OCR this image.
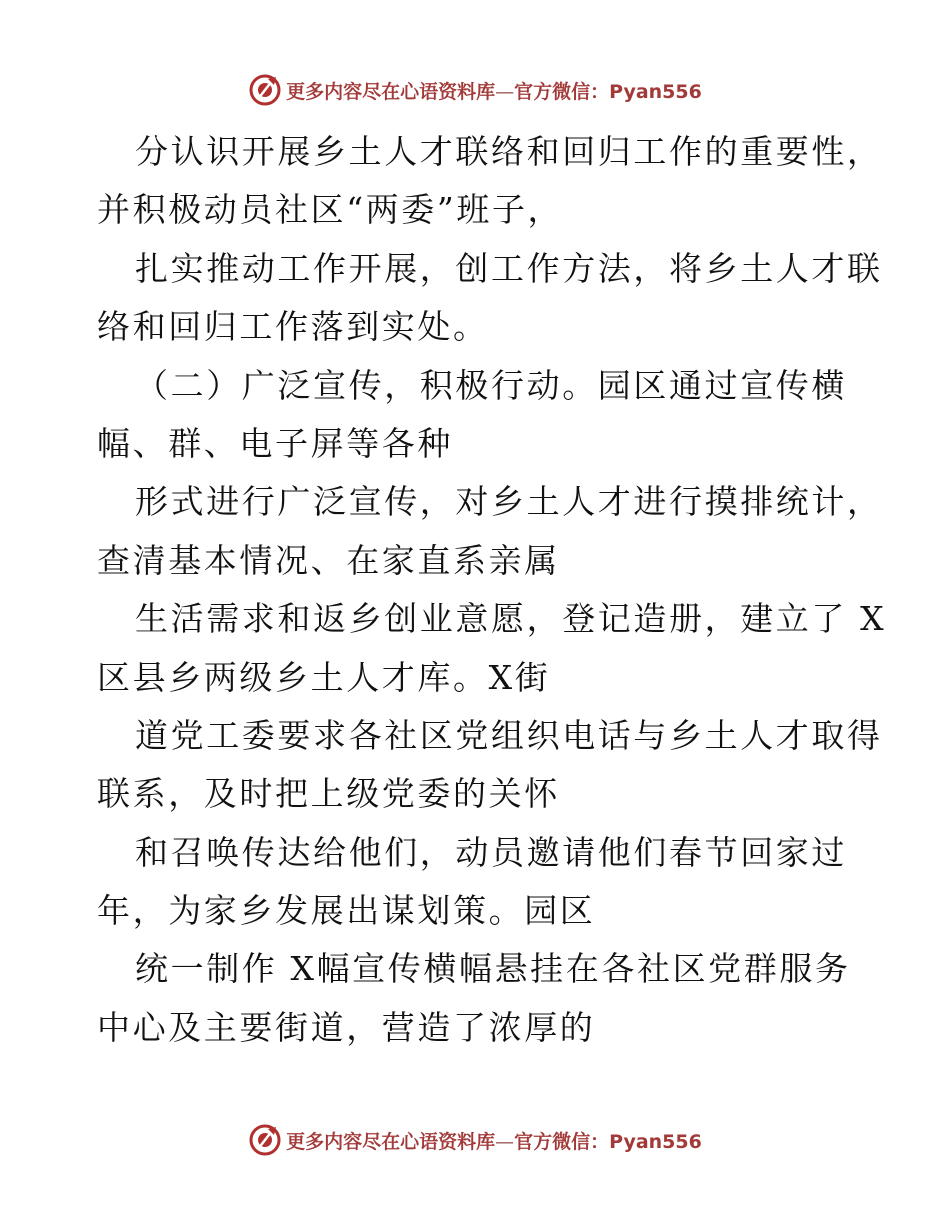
更多内容尽在心语资料库—官方微信：Pyan556
分认识开展乡土人才联络和回归工作的重要性，
并积极动员社区“两委”班子，
扎实推动工作开展，创工作方法，将乡土人才联
络和回归工作落到实处。
（二）广泛宣传，积极行动。园区通过宣传横
幅、群、电子屏等各种
形式进行广泛宣传，对乡土人才进行摸排统计，
查清基本情况、在家直系亲属
生活需求和返乡创业意愿，登记造册，建立了 X
区县乡两级乡土人才库。X街
道党工委要求各社区党组织电话与乡土人才取得
联系，及时把上级党委的关怀
和召唤传达给他们，动员邀请他们春节回家过
年，为家乡发展出谋划策。园区
统一制作 X幅宣传横幅悬挂在各社区党群服务
中心及主要街道，营造了浓厚的
更多内容尽在心语资料库—官方微信：Pyan556
